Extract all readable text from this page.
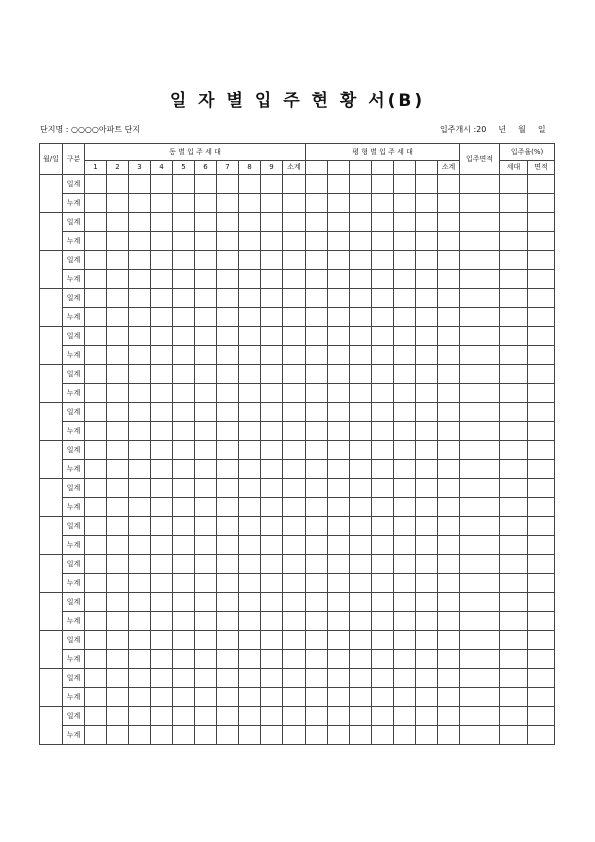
일 자 별 입 주 현 황 서(B)
단지명 : ○○○○아파트 단지	입주개시 :20 년 월 일
월/일	구분	동 별 입 주 세 대										평 형 별 입 주 세 대							입주면적	입주율(%)	
		1	2	3	4	5	6	7	8	9	소계							소계		세대	면적
	일계																				
	누계																				
	일계																				
	누계																				
	일계																				
	누계																				
	일계																				
	누계																				
	일계																				
	누계																				
	일계																				
	누계																				
	일계																				
	누계																				
	일계																				
	누계																				
	일계																				
	누계																				
	일계																				
	누계																				
	일계																				
	누계																				
	일계																				
	누계																				
	일계																				
	누계																				
	일계																				
	누계																				
	일계																				
	누계																				
